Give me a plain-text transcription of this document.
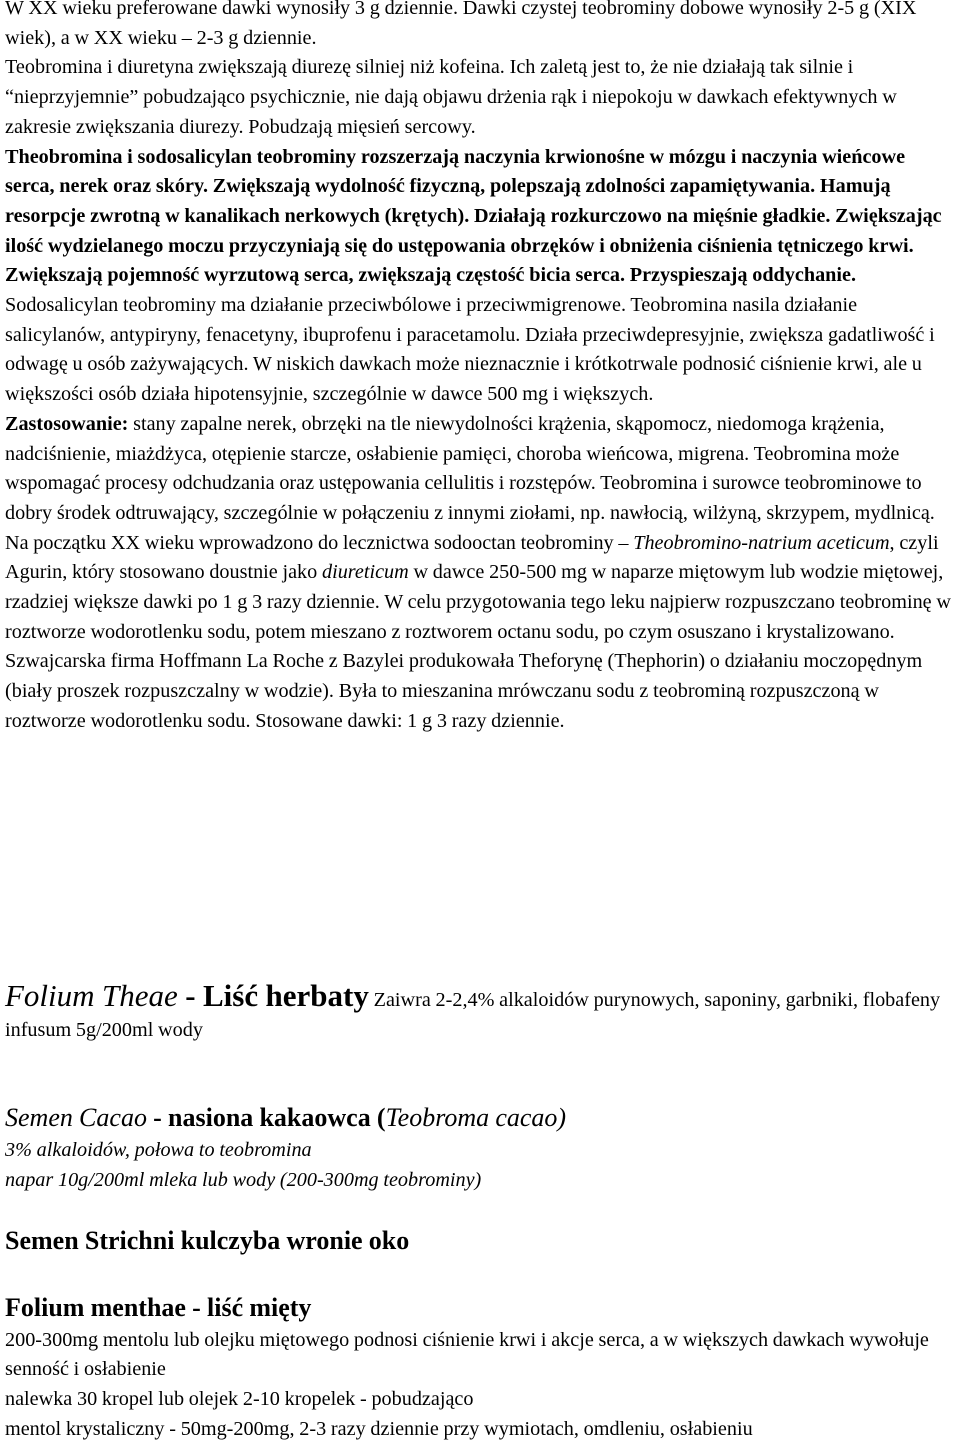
W XX wieku preferowane dawki wynosiły 3 g dziennie. Dawki czystej teobrominy dobowe wynosiły 2-5 g (XIX wiek), a w XX wieku – 2-3 g dziennie.
Teobromina i diuretyna zwiększają diurezę silniej niż kofeina. Ich zaletą jest to, że nie działają tak silnie i “nieprzyjemnie” pobudzająco psychicznie, nie dają objawu drżenia rąk i niepokoju w dawkach efektywnych w zakresie zwiększania diurezy. Pobudzają mięsień sercowy.
Theobromina i sodosalicylan teobrominy rozszerzają naczynia krwionośne w mózgu i naczynia wieńcowe serca, nerek oraz skóry. Zwiększają wydolność fizyczną, polepszają zdolności zapamiętywania. Hamują resorpcje zwrotną w kanalikach nerkowych (krętych). Działają rozkurczowo na mięśnie gładkie. Zwiększając ilość wydzielanego moczu przyczyniają się do ustępowania obrzęków i obniżenia ciśnienia tętniczego krwi. Zwiększają pojemność wyrzutową serca, zwiększają częstość bicia serca. Przyspieszają oddychanie. Sodosalicylan teobrominy ma działanie przeciwbólowe i przeciwmigrenowe. Teobromina nasila działanie salicylanów, antypiryny, fenacetyny, ibuprofenu i paracetamolu. Działa przeciwdepresyjnie, zwiększa gadatliwość i odwagę u osób zażywających. W niskich dawkach może nieznacznie i krótkotrwale podnosić ciśnienie krwi, ale u większości osób działa hipotensyjnie, szczególnie w dawce 500 mg i większych.
Zastosowanie: stany zapalne nerek, obrzęki na tle niewydolności krążenia, skąpomocz, niedomoga krążenia, nadciśnienie, miażdżyca, otępienie starcze, osłabienie pamięci, choroba wieńcowa, migrena. Teobromina może wspomagać procesy odchudzania oraz ustępowania cellulitis i rozstępów. Teobromina i surowce teobrominowe to dobry środek odtruwający, szczególnie w połączeniu z innymi ziołami, np. nawłocią, wilżyną, skrzypem, mydlnicą.
Na początku XX wieku wprowadzono do lecznictwa sodooctan teobrominy – Theobromino-natrium aceticum, czyli Agurin, który stosowano doustnie jako diureticum w dawce 250-500 mg w naparze miętowym lub wodzie miętowej, rzadziej większe dawki po 1 g 3 razy dziennie. W celu przygotowania tego leku najpierw rozpuszczano teobrominę w roztworze wodorotlenku sodu, potem mieszano z roztworem octanu sodu, po czym osuszano i krystalizowano.
Szwajcarska firma Hoffmann La Roche z Bazylei produkowała Theforynę (Thephorin) o działaniu moczopędnym (biały proszek rozpuszczalny w wodzie). Była to mieszanina mrówczanu sodu z teobrominą rozpuszczoną w roztworze wodorotlenku sodu. Stosowane dawki: 1 g 3 razy dziennie.

Folium Theae - Liść herbaty Zaiwra 2-2,4% alkaloidów purynowych, saponiny, garbniki, flobafeny
infusum 5g/200ml wody

Semen Cacao - nasiona kakaowca (Teobroma cacao)
3% alkaloidów, połowa to teobromina
napar 10g/200ml mleka lub wody (200-300mg teobrominy)

Semen Strichni kulczyba wronie oko

Folium menthae - liść mięty
200-300mg mentolu lub olejku miętowego podnosi ciśnienie krwi i akcje serca, a w większych dawkach wywołuje senność i osłabienie
nalewka 30 kropel lub olejek 2-10 kropelek - pobudzająco
mentol krystaliczny - 50mg-200mg, 2-3 razy dziennie przy wymiotach, omdleniu, osłabieniu
